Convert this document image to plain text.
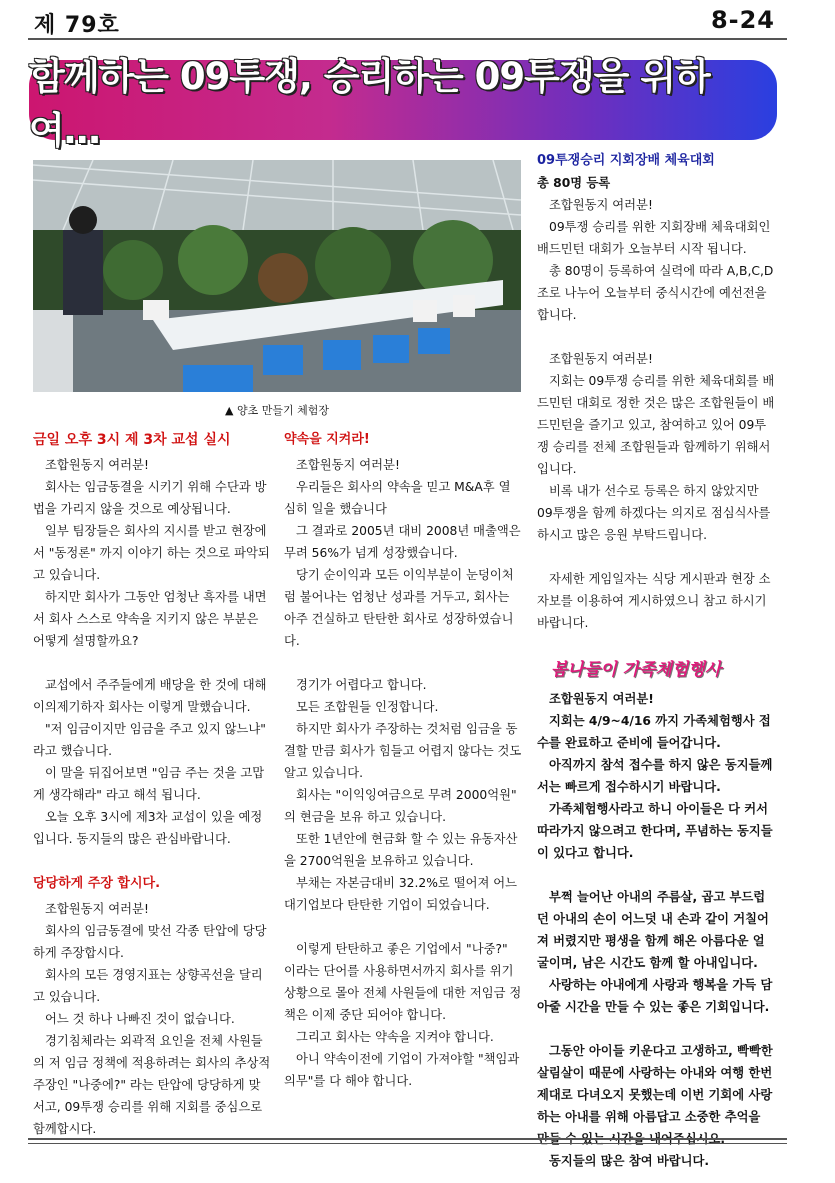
제 79호	8-24
함께하는 09투쟁, 승리하는 09투쟁을 위하여…
▲ 양초 만들기 체험장
금일 오후 3시 제 3차 교섭 실시

조합원동지 여러분!

회사는 임금동결을 시키기 위해 수단과 방법을 가리지 않을 것으로 예상됩니다.

일부 팀장들은 회사의 지시를 받고 현장에서 "동정론" 까지 이야기 하는 것으로 파악되고 있습니다.

하지만 회사가 그동안 엄청난 흑자를 내면서 회사 스스로 약속을 지키지 않은 부분은 어떻게 설명할까요?

교섭에서 주주들에게 배당을 한 것에 대해 이의제기하자 회사는 이렇게 말했습니다.

"저 임금이지만 임금을 주고 있지 않느냐" 라고 했습니다.

이 말을 뒤집어보면 "임금 주는 것을 고맙게 생각해라" 라고 해석 됩니다.

오늘 오후 3시에 제3차 교섭이 있을 예정입니다. 동지들의 많은 관심바랍니다.

당당하게 주장 합시다.

조합원동지 여러분!

회사의 임금동결에 맞선 각종 탄압에 당당하게 주장합시다.

회사의 모든 경영지표는 상향곡선을 달리고 있습니다.

어느 것 하나 나빠진 것이 없습니다.

경기침체라는 외곽적 요인을 전체 사원들의 저 임금 정책에 적용하려는 회사의 추상적 주장인 "나중에?" 라는 탄압에 당당하게 맞서고, 09투쟁 승리를 위해 지회를 중심으로 함께합시다.

약속을 지켜라!

조합원동지 여러분!

우리들은 회사의 약속을 믿고 M&A후 열심히 일을 했습니다

그 결과로 2005년 대비 2008년 매출액은 무려 56%가 넘게 성장했습니다.

당기 순이익과 모든 이익부분이 눈덩이처럼 불어나는 엄청난 성과를 거두고, 회사는 아주 건실하고 탄탄한 회사로 성장하였습니다.

경기가 어렵다고 합니다.

모든 조합원들 인정합니다.

하지만 회사가 주장하는 것처럼 임금을 동결할 만큼 회사가 힘들고 어렵지 않다는 것도 알고 있습니다.

회사는 "이익잉여금으로 무려 2000억원" 의 현금을 보유 하고 있습니다.

또한 1년안에 현금화 할 수 있는 유동자산을 2700억원을 보유하고 있습니다.

부채는 자본금대비 32.2%로 떨어져 어느 대기업보다 탄탄한 기업이 되었습니다.

이렇게 탄탄하고 좋은 기업에서 "나중?" 이라는 단어를 사용하면서까지 회사를 위기상황으로 몰아 전체 사원들에 대한 저임금 정책은 이제 중단 되어야 합니다.

그리고 회사는 약속을 지켜야 합니다.

아니 약속이전에 기업이 가져야할 "책임과 의무"를 다 해야 합니다.

09투쟁승리 지회장배 체육대회

총 80명 등록

조합원동지 여러분!

09투쟁 승리를 위한 지회장배 체육대회인 배드민턴 대회가 오늘부터 시작 됩니다.

총 80명이 등록하여 실력에 따라 A,B,C,D 조로 나누어 오늘부터 중식시간에 예선전을 합니다.

조합원동지 여러분!

지회는 09투쟁 승리를 위한 체육대회를 배드민턴 대회로 정한 것은 많은 조합원들이 배드민턴을 즐기고 있고, 참여하고 있어 09투쟁 승리를 전체 조합원들과 함께하기 위해서입니다.

비록 내가 선수로 등록은 하지 않았지만 09투쟁을 함께 하겠다는 의지로 점심식사를 하시고 많은 응원 부탁드립니다.

자세한 게임일자는 식당 게시판과 현장 소자보를 이용하여 게시하였으니 참고 하시기 바랍니다.

봄나들이 가족체험행사

조합원동지 여러분!

지회는 4/9~4/16 까지 가족체험행사 접수를 완료하고 준비에 들어갑니다.

아직까지 참석 접수를 하지 않은 동지들께서는 빠르게 접수하시기 바랍니다.

가족체험행사라고 하니 아이들은 다 커서 따라가지 않으려고 한다며, 푸념하는 동지들이 있다고 합니다.

부쩍 늘어난 아내의 주름살, 곱고 부드럽던 아내의 손이 어느덧 내 손과 같이 거칠어져 버렸지만 평생을 함께 해온 아름다운 얼굴이며, 남은 시간도 함께 할 아내입니다.

사랑하는 아내에게 사랑과 행복을 가득 담아줄 시간을 만들 수 있는 좋은 기회입니다.

그동안 아이들 키운다고 고생하고, 빡빡한 살림살이 때문에 사랑하는 아내와 여행 한번 제대로 다녀오지 못했는데 이번 기회에 사랑하는 아내를 위해 아름답고 소중한 추억을

동지들의 많은 참여 바랍니다.
